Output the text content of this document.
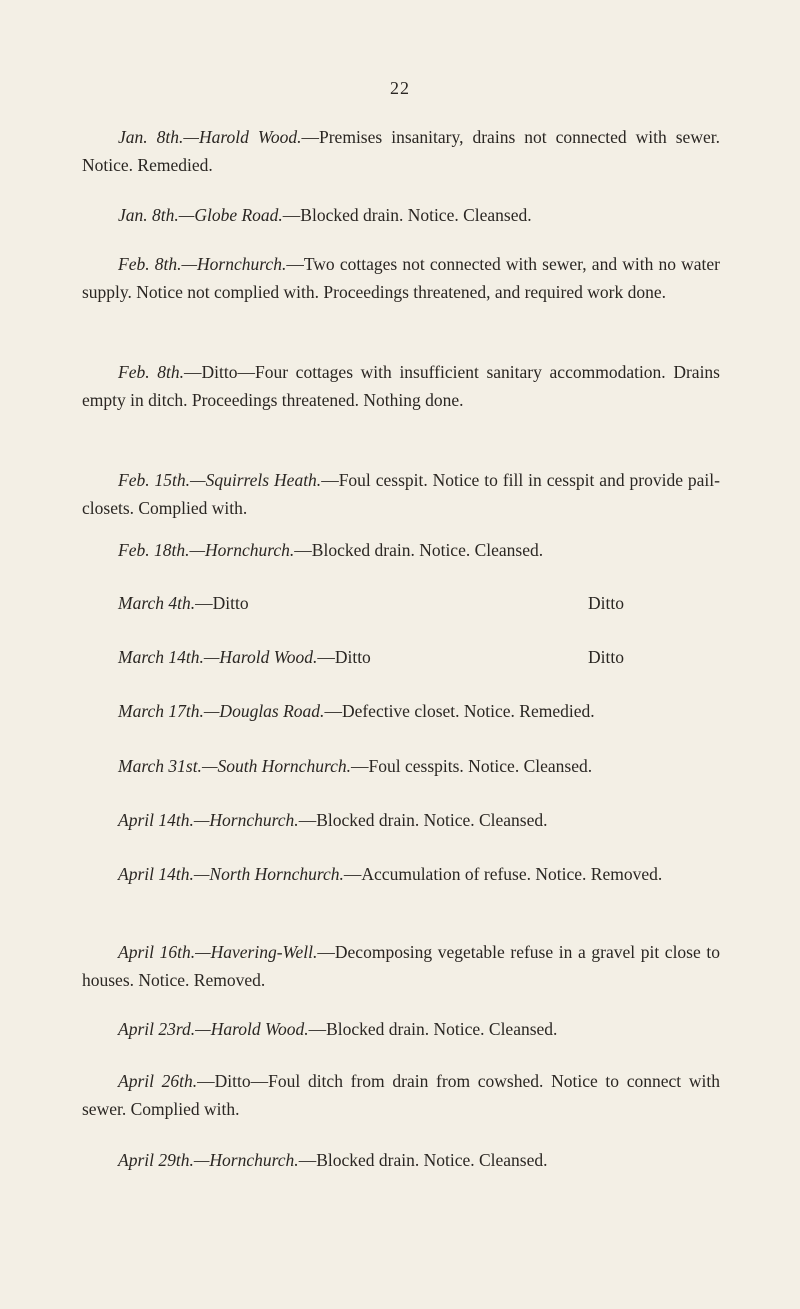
22

Jan. 8th.—Harold Wood.—Premises insanitary, drains not connected with sewer. Notice. Remedied.

Jan. 8th.—Globe Road.—Blocked drain. Notice. Cleansed.

Feb. 8th.—Hornchurch.—Two cottages not connected with sewer, and with no water supply. Notice not complied with. Proceedings threatened, and required work done.

Feb. 8th.—Ditto—Four cottages with insufficient sanitary accommodation. Drains empty in ditch. Proceedings threatened. Nothing done.

Feb. 15th.—Squirrels Heath.—Foul cesspit. Notice to fill in cesspit and provide pail-closets. Complied with.

Feb. 18th.—Hornchurch.—Blocked drain. Notice. Cleansed.

March 4th.—Ditto	Ditto

March 14th.—Harold Wood.—Ditto	Ditto

March 17th.—Douglas Road.—Defective closet. Notice. Remedied.

March 31st.—South Hornchurch.—Foul cesspits. Notice. Cleansed.

April 14th.—Hornchurch.—Blocked drain. Notice. Cleansed.

April 14th.—North Hornchurch.—Accumulation of refuse. Notice. Removed.

April 16th.—Havering-Well.—Decomposing vegetable refuse in a gravel pit close to houses. Notice. Removed.

April 23rd.—Harold Wood.—Blocked drain. Notice. Cleansed.

April 26th.—Ditto—Foul ditch from drain from cowshed. Notice to connect with sewer. Complied with.

April 29th.—Hornchurch.—Blocked drain. Notice. Cleansed.
